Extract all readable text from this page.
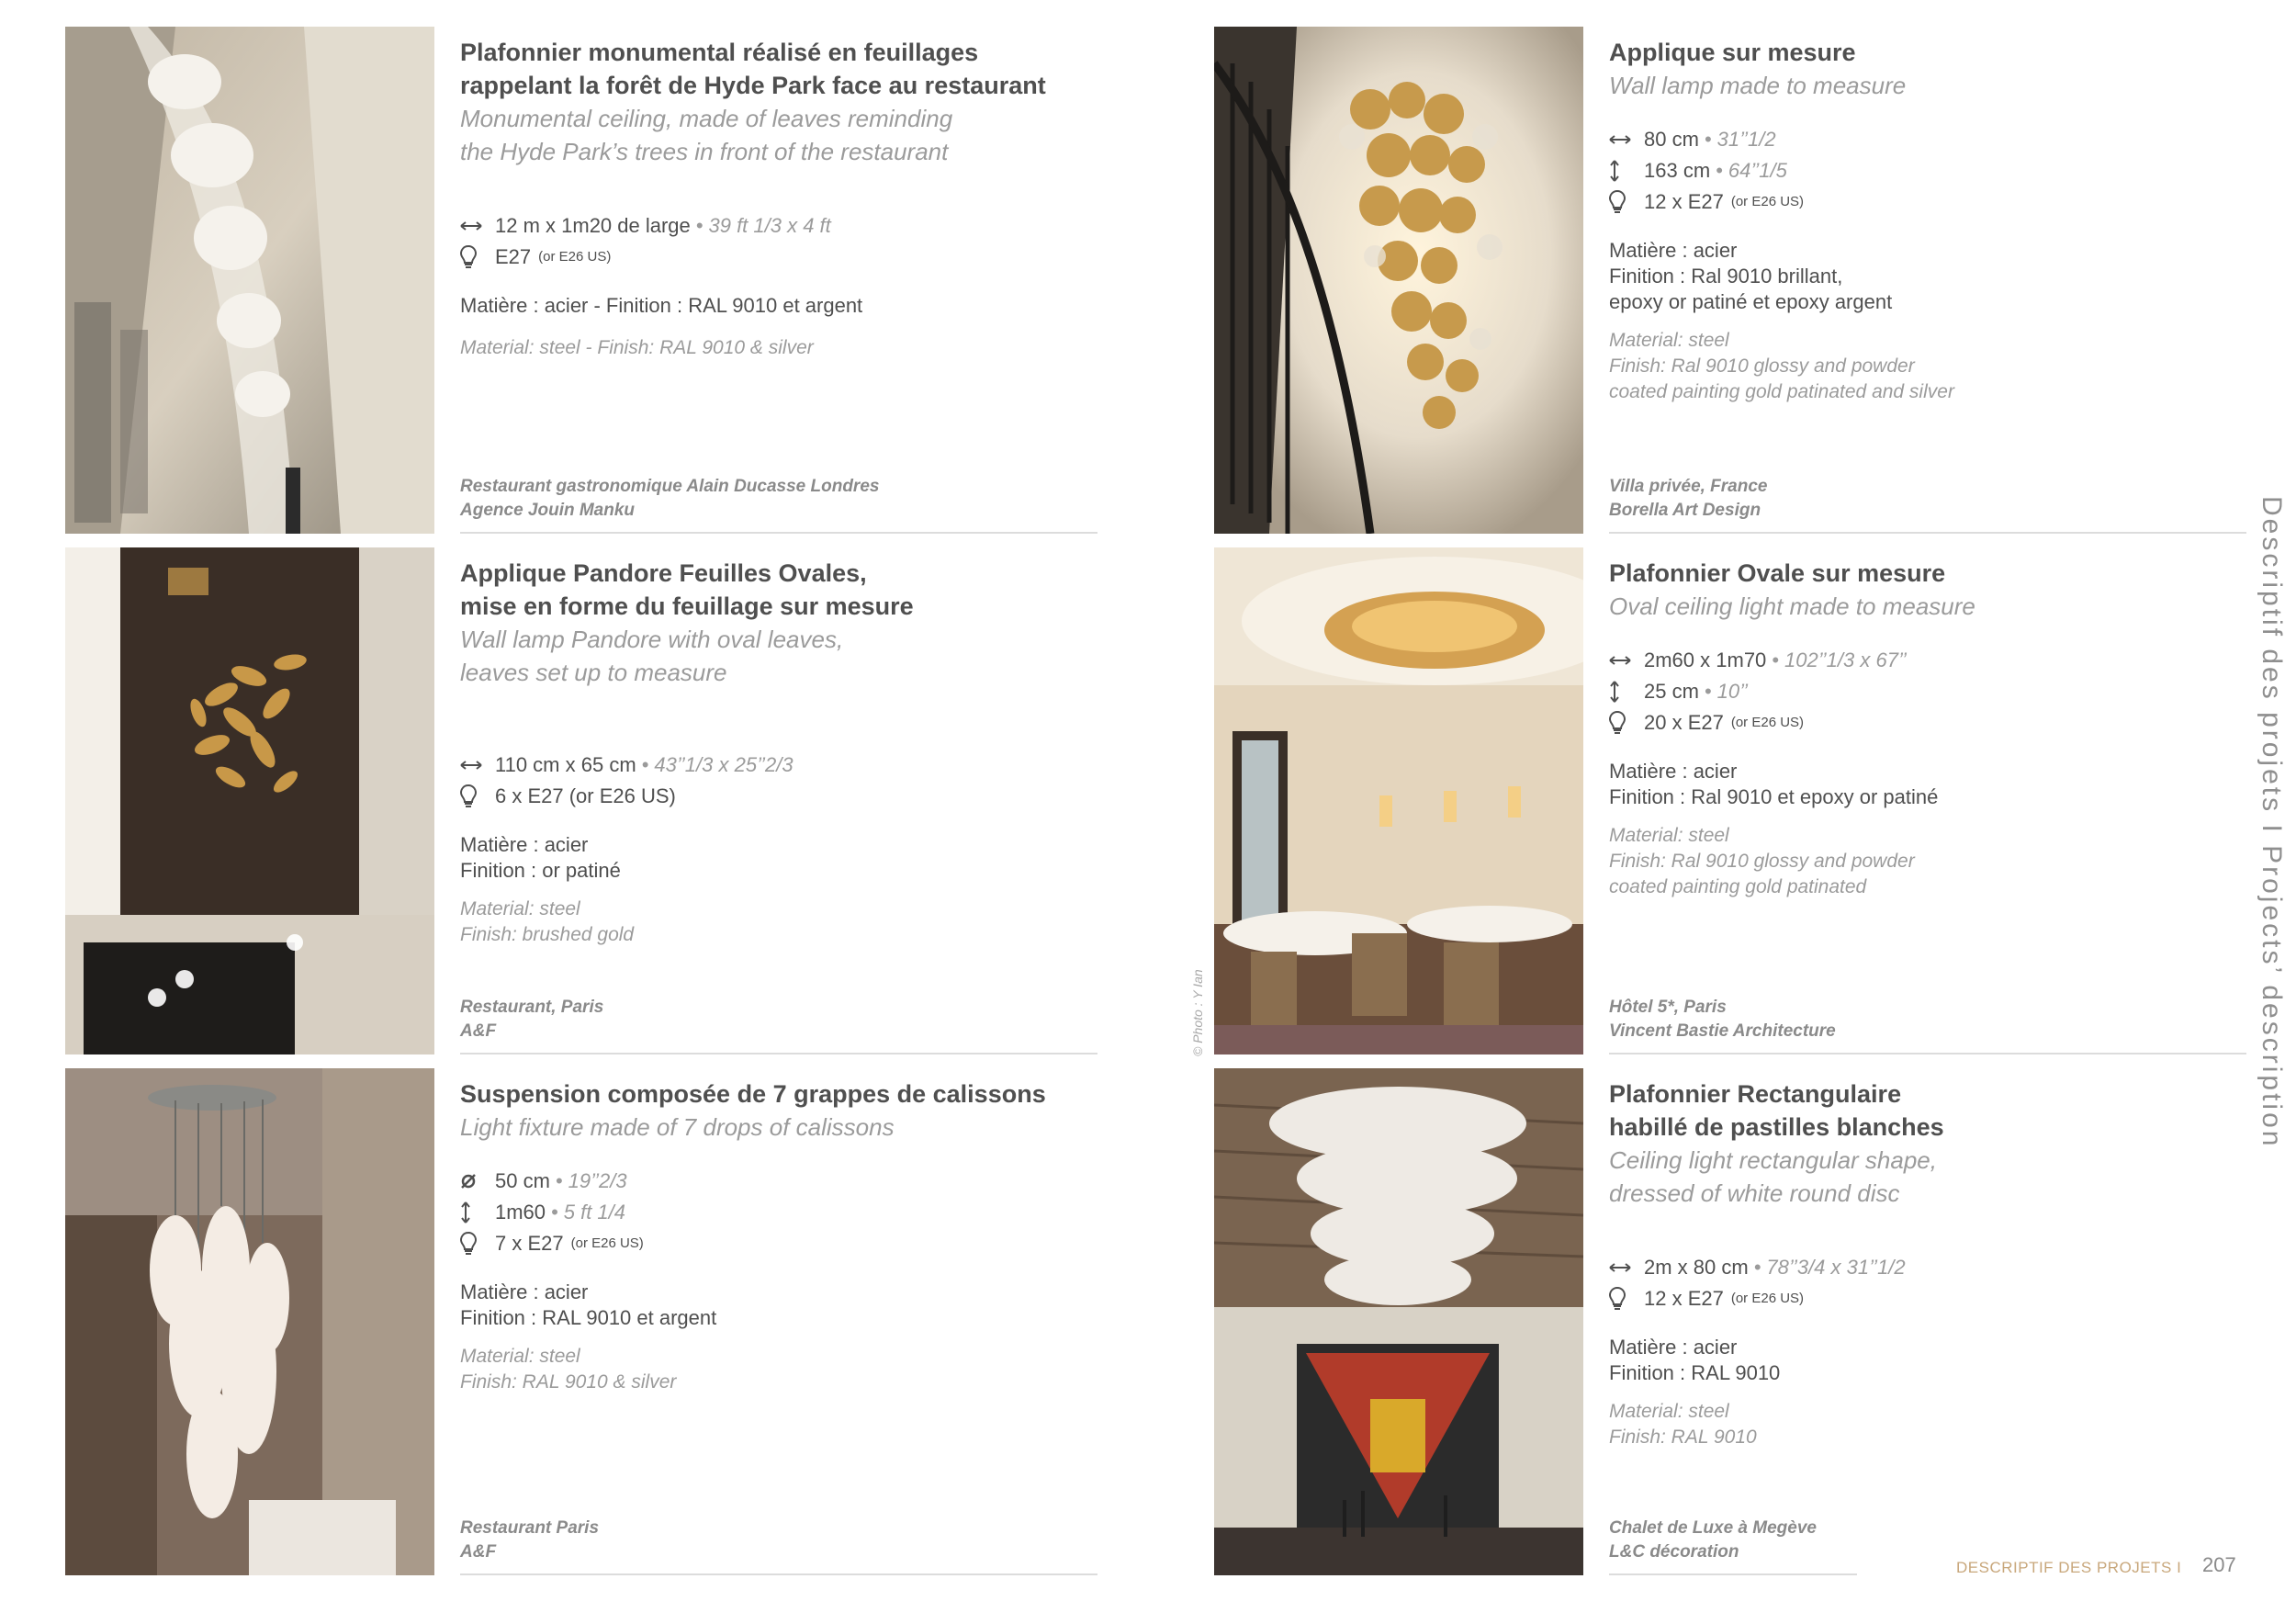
Plafonnier monumental réalisé en feuillages
rappelant la forêt de Hyde Park face au restaurant
Monumental ceiling, made of leaves reminding
the Hyde Park’s trees in front of the restaurant
12 m x 1m20 de large • 39 ft 1/3 x 4 ft
E27 (or E26 US)
Matière : acier - Finition : RAL 9010 et argent
Material: steel - Finish: RAL 9010 & silver
Restaurant gastronomique Alain Ducasse Londres
Agence Jouin Manku
Applique sur mesure
Wall lamp made to measure
80 cm • 31’’1/2
163 cm • 64’’1/5
12 x E27 (or E26 US)
Matière : acier
Finition : Ral 9010 brillant,
epoxy or patiné et epoxy argent
Material: steel
Finish: Ral 9010 glossy and powder
coated painting gold patinated and silver
Villa privée, France
Borella Art Design
Applique Pandore Feuilles Ovales,
mise en forme du feuillage sur mesure
Wall lamp Pandore with oval leaves,
leaves set up to measure
110 cm x 65 cm • 43’’1/3 x 25’’2/3
6 x E27 (or E26 US)
Matière : acier
Finition : or patiné
Material: steel
Finish: brushed gold
Restaurant, Paris
A&F
Plafonnier Ovale sur mesure
Oval ceiling light made to measure
2m60 x 1m70 • 102’’1/3 x 67’’
25 cm • 10’’
20 x E27 (or E26 US)
Matière : acier
Finition : Ral 9010 et epoxy or patiné
Material: steel
Finish: Ral 9010 glossy and powder
coated painting gold patinated
Hôtel 5*, Paris
Vincent Bastie Architecture
Suspension composée de 7 grappes de calissons
Light fixture made of 7 drops of calissons
50 cm • 19’’2/3
1m60 • 5 ft 1/4
7 x E27 (or E26 US)
Matière : acier
Finition : RAL 9010 et argent
Material: steel
Finish: RAL 9010 & silver
Restaurant Paris
A&F
Plafonnier Rectangulaire
habillé de pastilles blanches
Ceiling light rectangular shape,
dressed of white round disc
2m x 80 cm • 78’’3/4 x 31’’1/2
12 x E27 (or E26 US)
Matière : acier
Finition : RAL 9010
Material: steel
Finish: RAL 9010
Chalet de Luxe à Megève
L&C décoration
© Photo : Y Ian	Descriptif des projets I Projects’ description
DESCRIPTIF DES PROJETS I 207
